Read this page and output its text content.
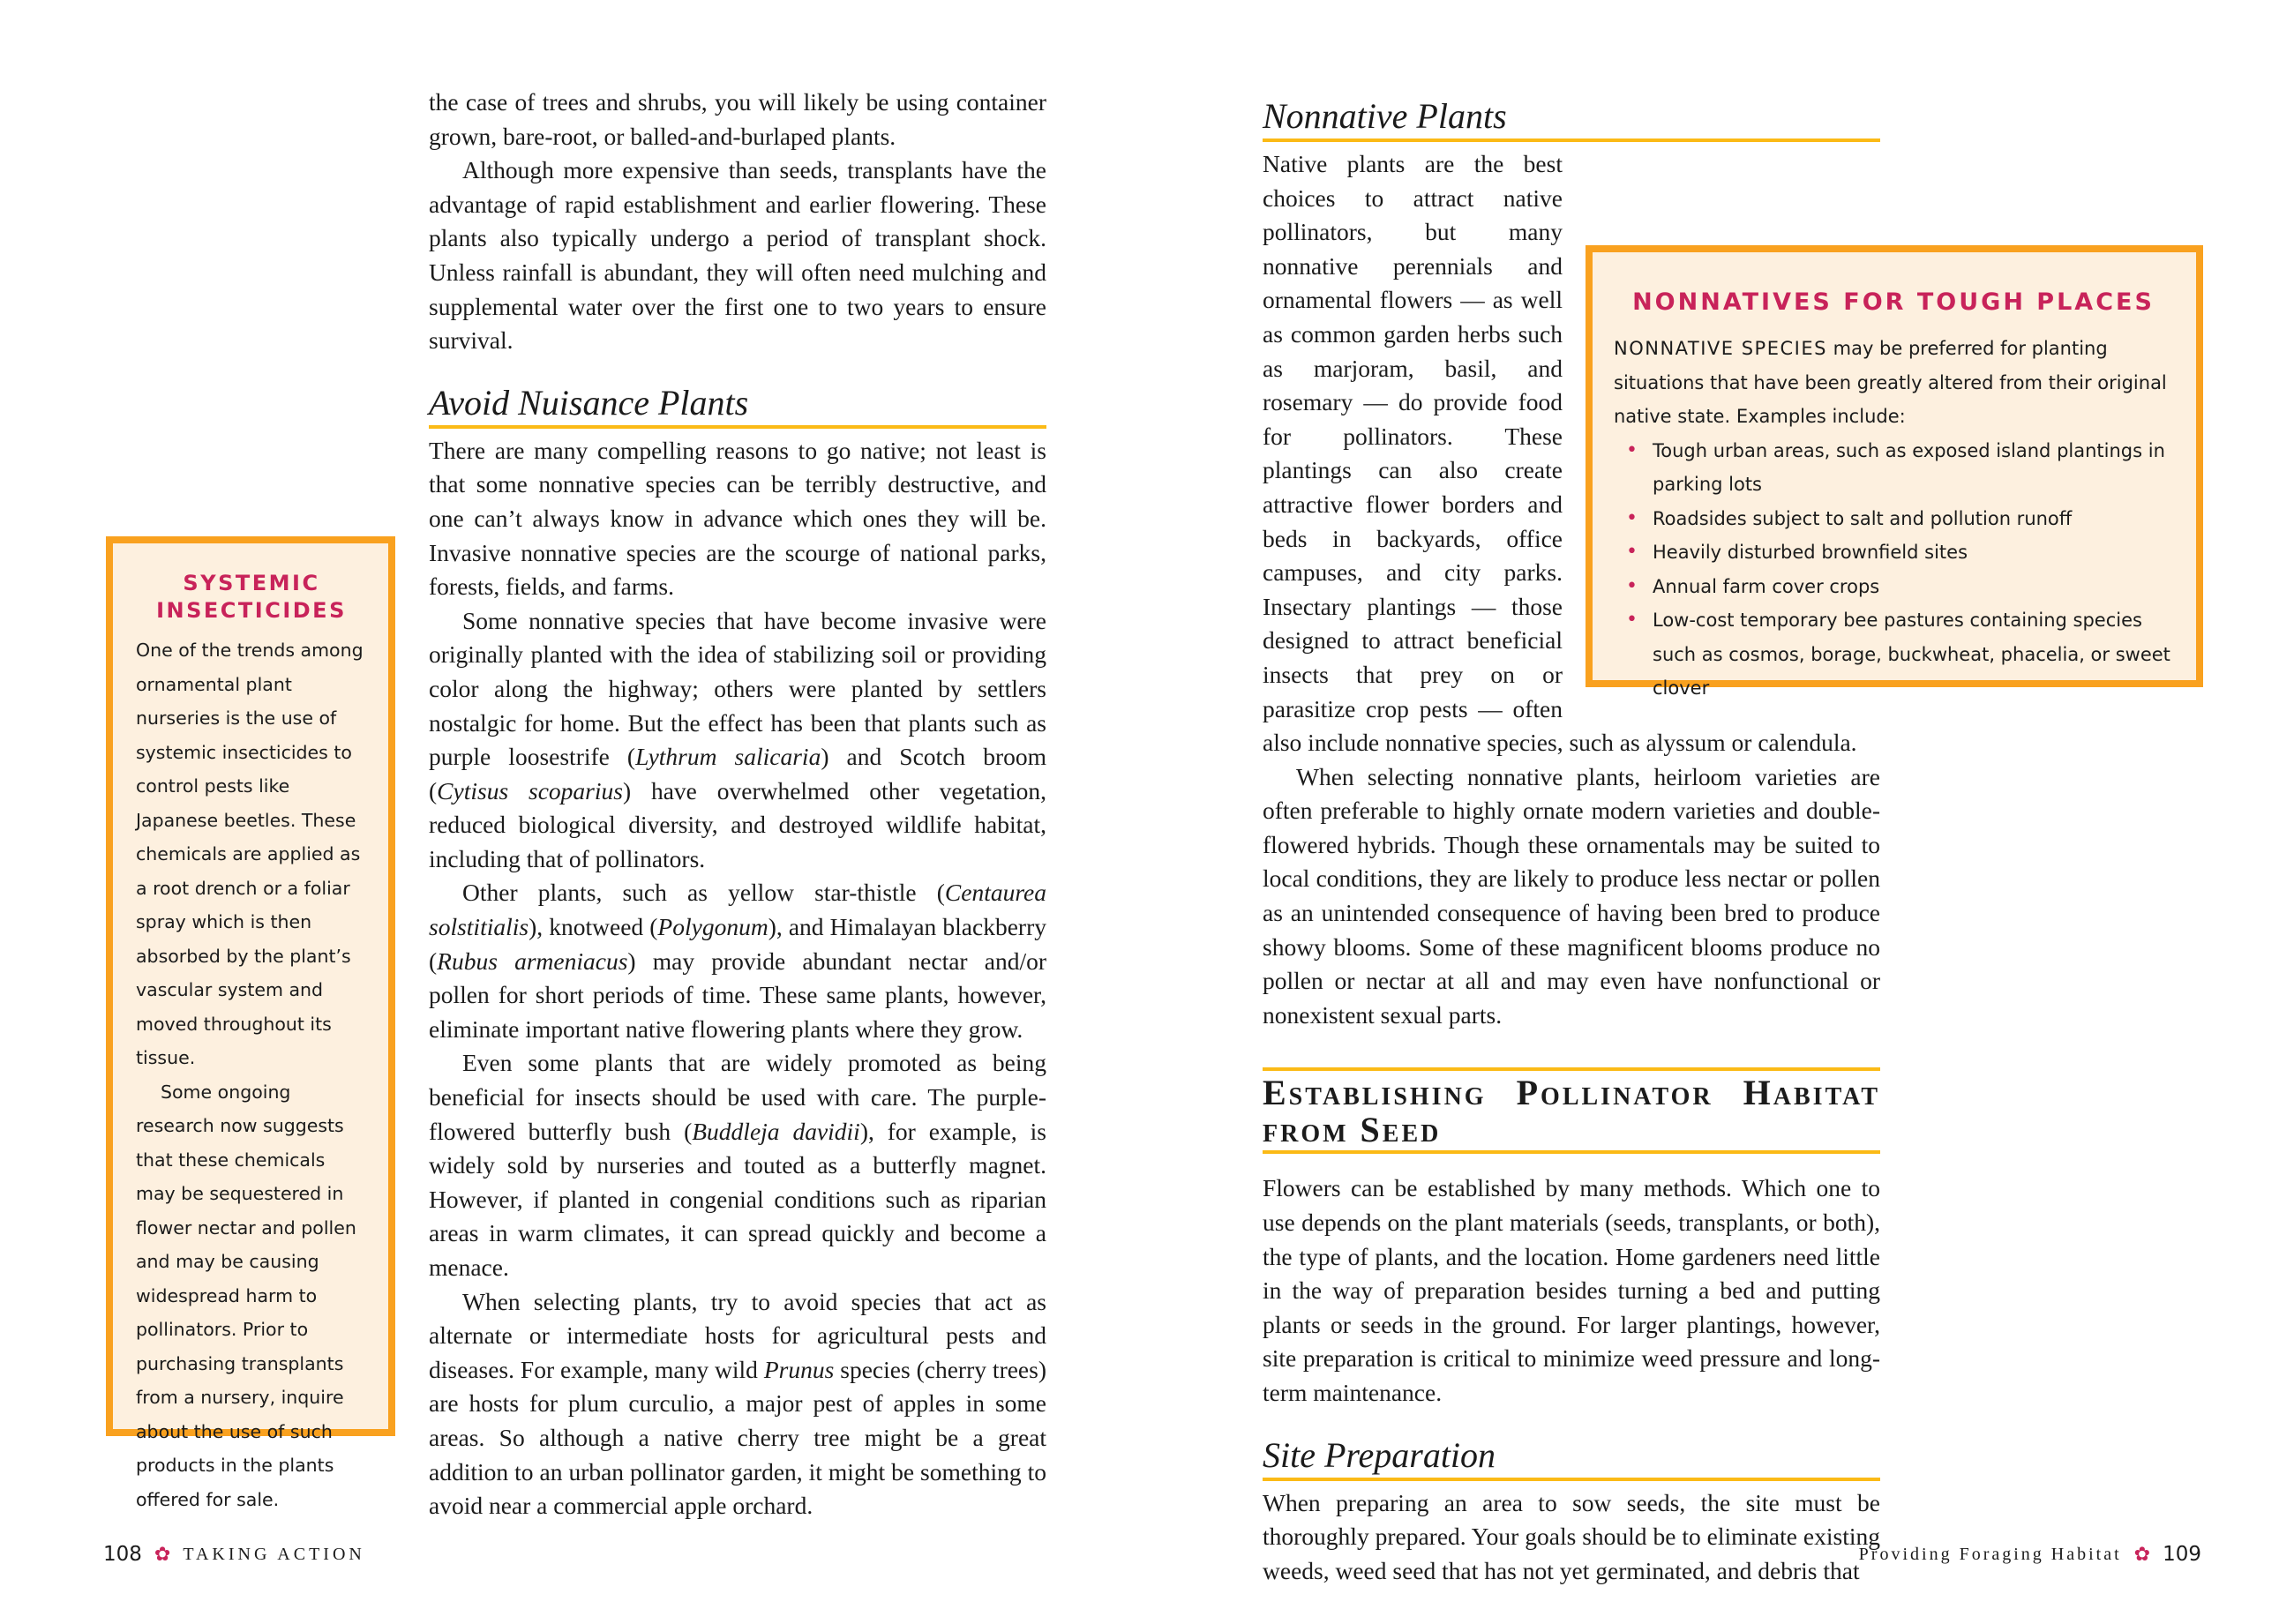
SYSTEMIC INSECTICIDES

One of the trends among ornamental plant nurseries is the use of systemic insecticides to control pests like Japanese beetles. These chemicals are applied as a root drench or a foliar spray which is then absorbed by the plant’s vascular system and moved throughout its tissue.

Some ongoing research now suggests that these chemicals may be sequestered in flower nectar and pollen and may be causing widespread harm to pollinators. Prior to purchasing transplants from a nursery, inquire about the use of such products in the plants offered for sale.

the case of trees and shrubs, you will likely be using container grown, bare-root, or balled-and-burlaped plants.

Although more expensive than seeds, transplants have the advantage of rapid establishment and earlier flowering. These plants also typically undergo a period of transplant shock. Unless rainfall is abundant, they will often need mulching and supplemental water over the first one to two years to ensure survival.

Avoid Nuisance Plants

There are many compelling reasons to go native; not least is that some nonnative species can be terribly destructive, and one can’t always know in advance which ones they will be. Invasive nonnative species are the scourge of national parks, forests, fields, and farms.

Some nonnative species that have become invasive were originally planted with the idea of stabilizing soil or providing color along the highway; others were planted by settlers nostalgic for home. But the effect has been that plants such as purple loosestrife (Lythrum salicaria) and Scotch broom (Cytisus scoparius) have overwhelmed other vegetation, reduced biological diversity, and destroyed wildlife habitat, including that of pollinators.

Other plants, such as yellow star-thistle (Centaurea solstitialis), knotweed (Polygonum), and Himalayan blackberry (Rubus armeniacus) may provide abundant nectar and/or pollen for short periods of time. These same plants, however, eliminate important native flowering plants where they grow.

Even some plants that are widely promoted as being beneficial for insects should be used with care. The purple-flowered butterfly bush (Buddleja davidii), for example, is widely sold by nurseries and touted as a butterfly magnet. However, if planted in congenial conditions such as riparian areas in warm climates, it can spread quickly and become a menace.

When selecting plants, try to avoid species that act as alternate or intermediate hosts for agricultural pests and diseases. For example, many wild Prunus species (cherry trees) are hosts for plum curculio, a major pest of apples in some areas. So although a native cherry tree might be a great addition to an urban pollinator garden, it might be something to avoid near a commercial apple orchard.

NONNATIVES FOR TOUGH PLACES

NONNATIVE SPECIES may be preferred for planting situations that have been greatly altered from their original native state. Examples include:

• Tough urban areas, such as exposed island plantings in parking lots
• Roadsides subject to salt and pollution runoff
• Heavily disturbed brownfield sites
• Annual farm cover crops
• Low-cost temporary bee pastures containing species such as cosmos, borage, buckwheat, phacelia, or sweet clover
Nonnative Plants

Native plants are the best choices to attract native pollinators, but many nonnative perennials and ornamental flowers — as well as common garden herbs such as marjoram, basil, and rosemary — do provide food for pollinators. These plantings can also create attractive flower borders and beds in backyards, office campuses, and city parks. Insectary plantings — those designed to attract beneficial insects that prey on or parasitize crop pests — often also include nonnative species, such as alyssum or calendula.

When selecting nonnative plants, heirloom varieties are often preferable to highly ornate modern varieties and double-flowered hybrids. Though these ornamentals may be suited to local conditions, they are likely to produce less nectar or pollen as an unintended consequence of having been bred to produce showy blooms. Some of these magnificent blooms produce no pollen or nectar at all and may even have nonfunctional or nonexistent sexual parts.

Establishing Pollinator Habitat from Seed

Flowers can be established by many methods. Which one to use depends on the plant materials (seeds, transplants, or both), the type of plants, and the location. Home gardeners need little in the way of preparation besides turning a bed and putting plants or seeds in the ground. For larger plantings, however, site preparation is critical to minimize weed pressure and long-term maintenance.

Site Preparation

When preparing an area to sow seeds, the site must be thoroughly prepared. Your goals should be to eliminate existing weeds, weed seed that has not yet germinated, and debris that

108 ✿ TAKING ACTION	Providing Foraging Habitat ✿ 109
